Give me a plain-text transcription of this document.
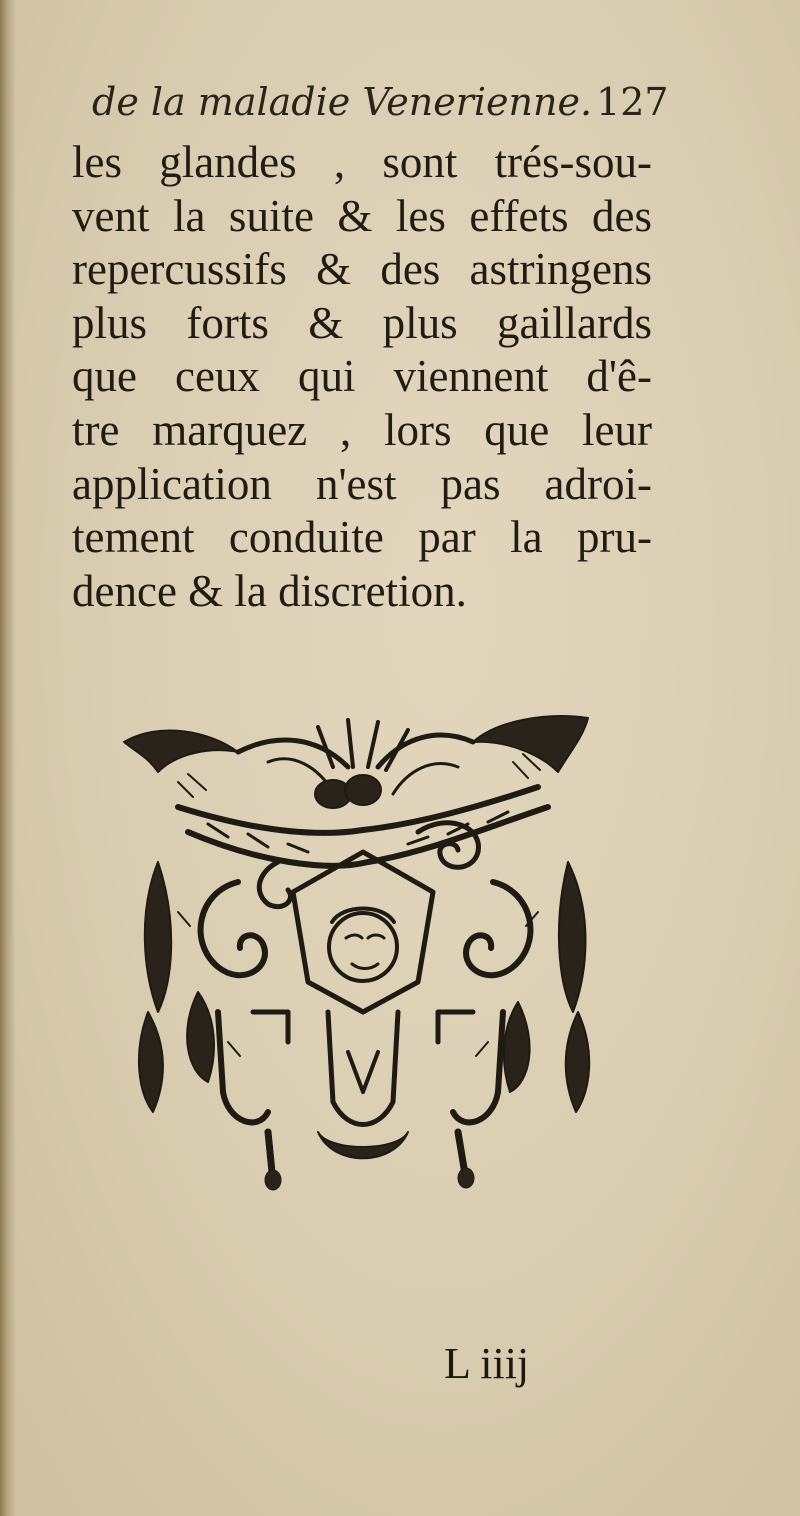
de la maladie Venerienne. 127
les glandes , sont trés-sou-
vent la suite & les effets des
repercussifs & des astringens
plus forts & plus gaillards
que ceux qui viennent d'ê-
tre marquez , lors que leur
application n'est pas adroi-
tement conduite par la pru-
dence & la discretion.
L iiij
